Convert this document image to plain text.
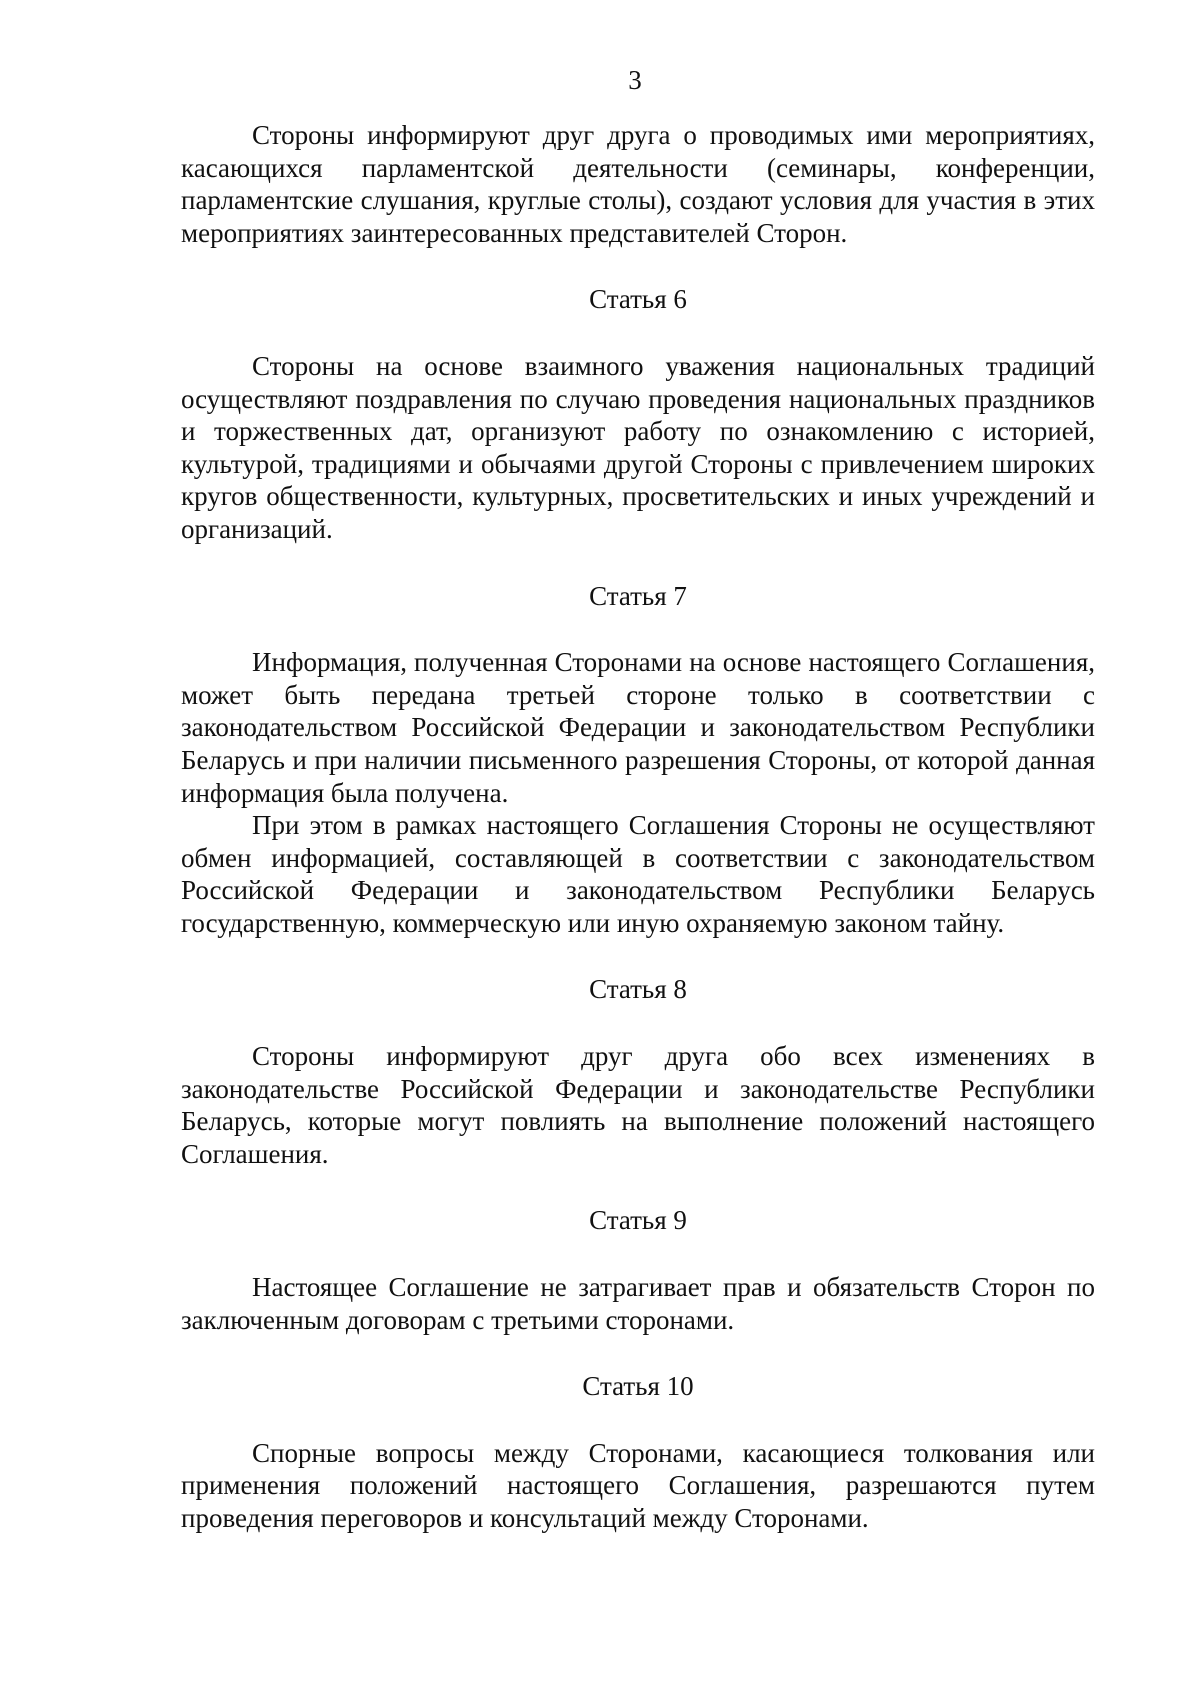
3

Стороны информируют друг друга о проводимых ими мероприятиях, касающихся парламентской деятельности (семинары, конференции, парламентские слушания, круглые столы), создают условия для участия в этих мероприятиях заинтересованных представителей Сторон.

Статья 6

Стороны на основе взаимного уважения национальных традиций осуществляют поздравления по случаю проведения национальных праздников и торжественных дат, организуют работу по ознакомлению с историей, культурой, традициями и обычаями другой Стороны с привлечением широких кругов общественности, культурных, просветительских и иных учреждений и организаций.

Статья 7

Информация, полученная Сторонами на основе настоящего Соглашения, может быть передана третьей стороне только в соответствии с законодательством Российской Федерации и законодательством Республики Беларусь и при наличии письменного разрешения Стороны, от которой данная информация была получена.

При этом в рамках настоящего Соглашения Стороны не осуществляют обмен информацией, составляющей в соответствии с законодательством Российской Федерации и законодательством Республики Беларусь государственную, коммерческую или иную охраняемую законом тайну.

Статья 8

Стороны информируют друг друга обо всех изменениях в законодательстве Российской Федерации и законодательстве Республики Беларусь, которые могут повлиять на выполнение положений настоящего Соглашения.

Статья 9

Настоящее Соглашение не затрагивает прав и обязательств Сторон по заключенным договорам с третьими сторонами.

Статья 10

Спорные вопросы между Сторонами, касающиеся толкования или применения положений настоящего Соглашения, разрешаются путем проведения переговоров и консультаций между Сторонами.
